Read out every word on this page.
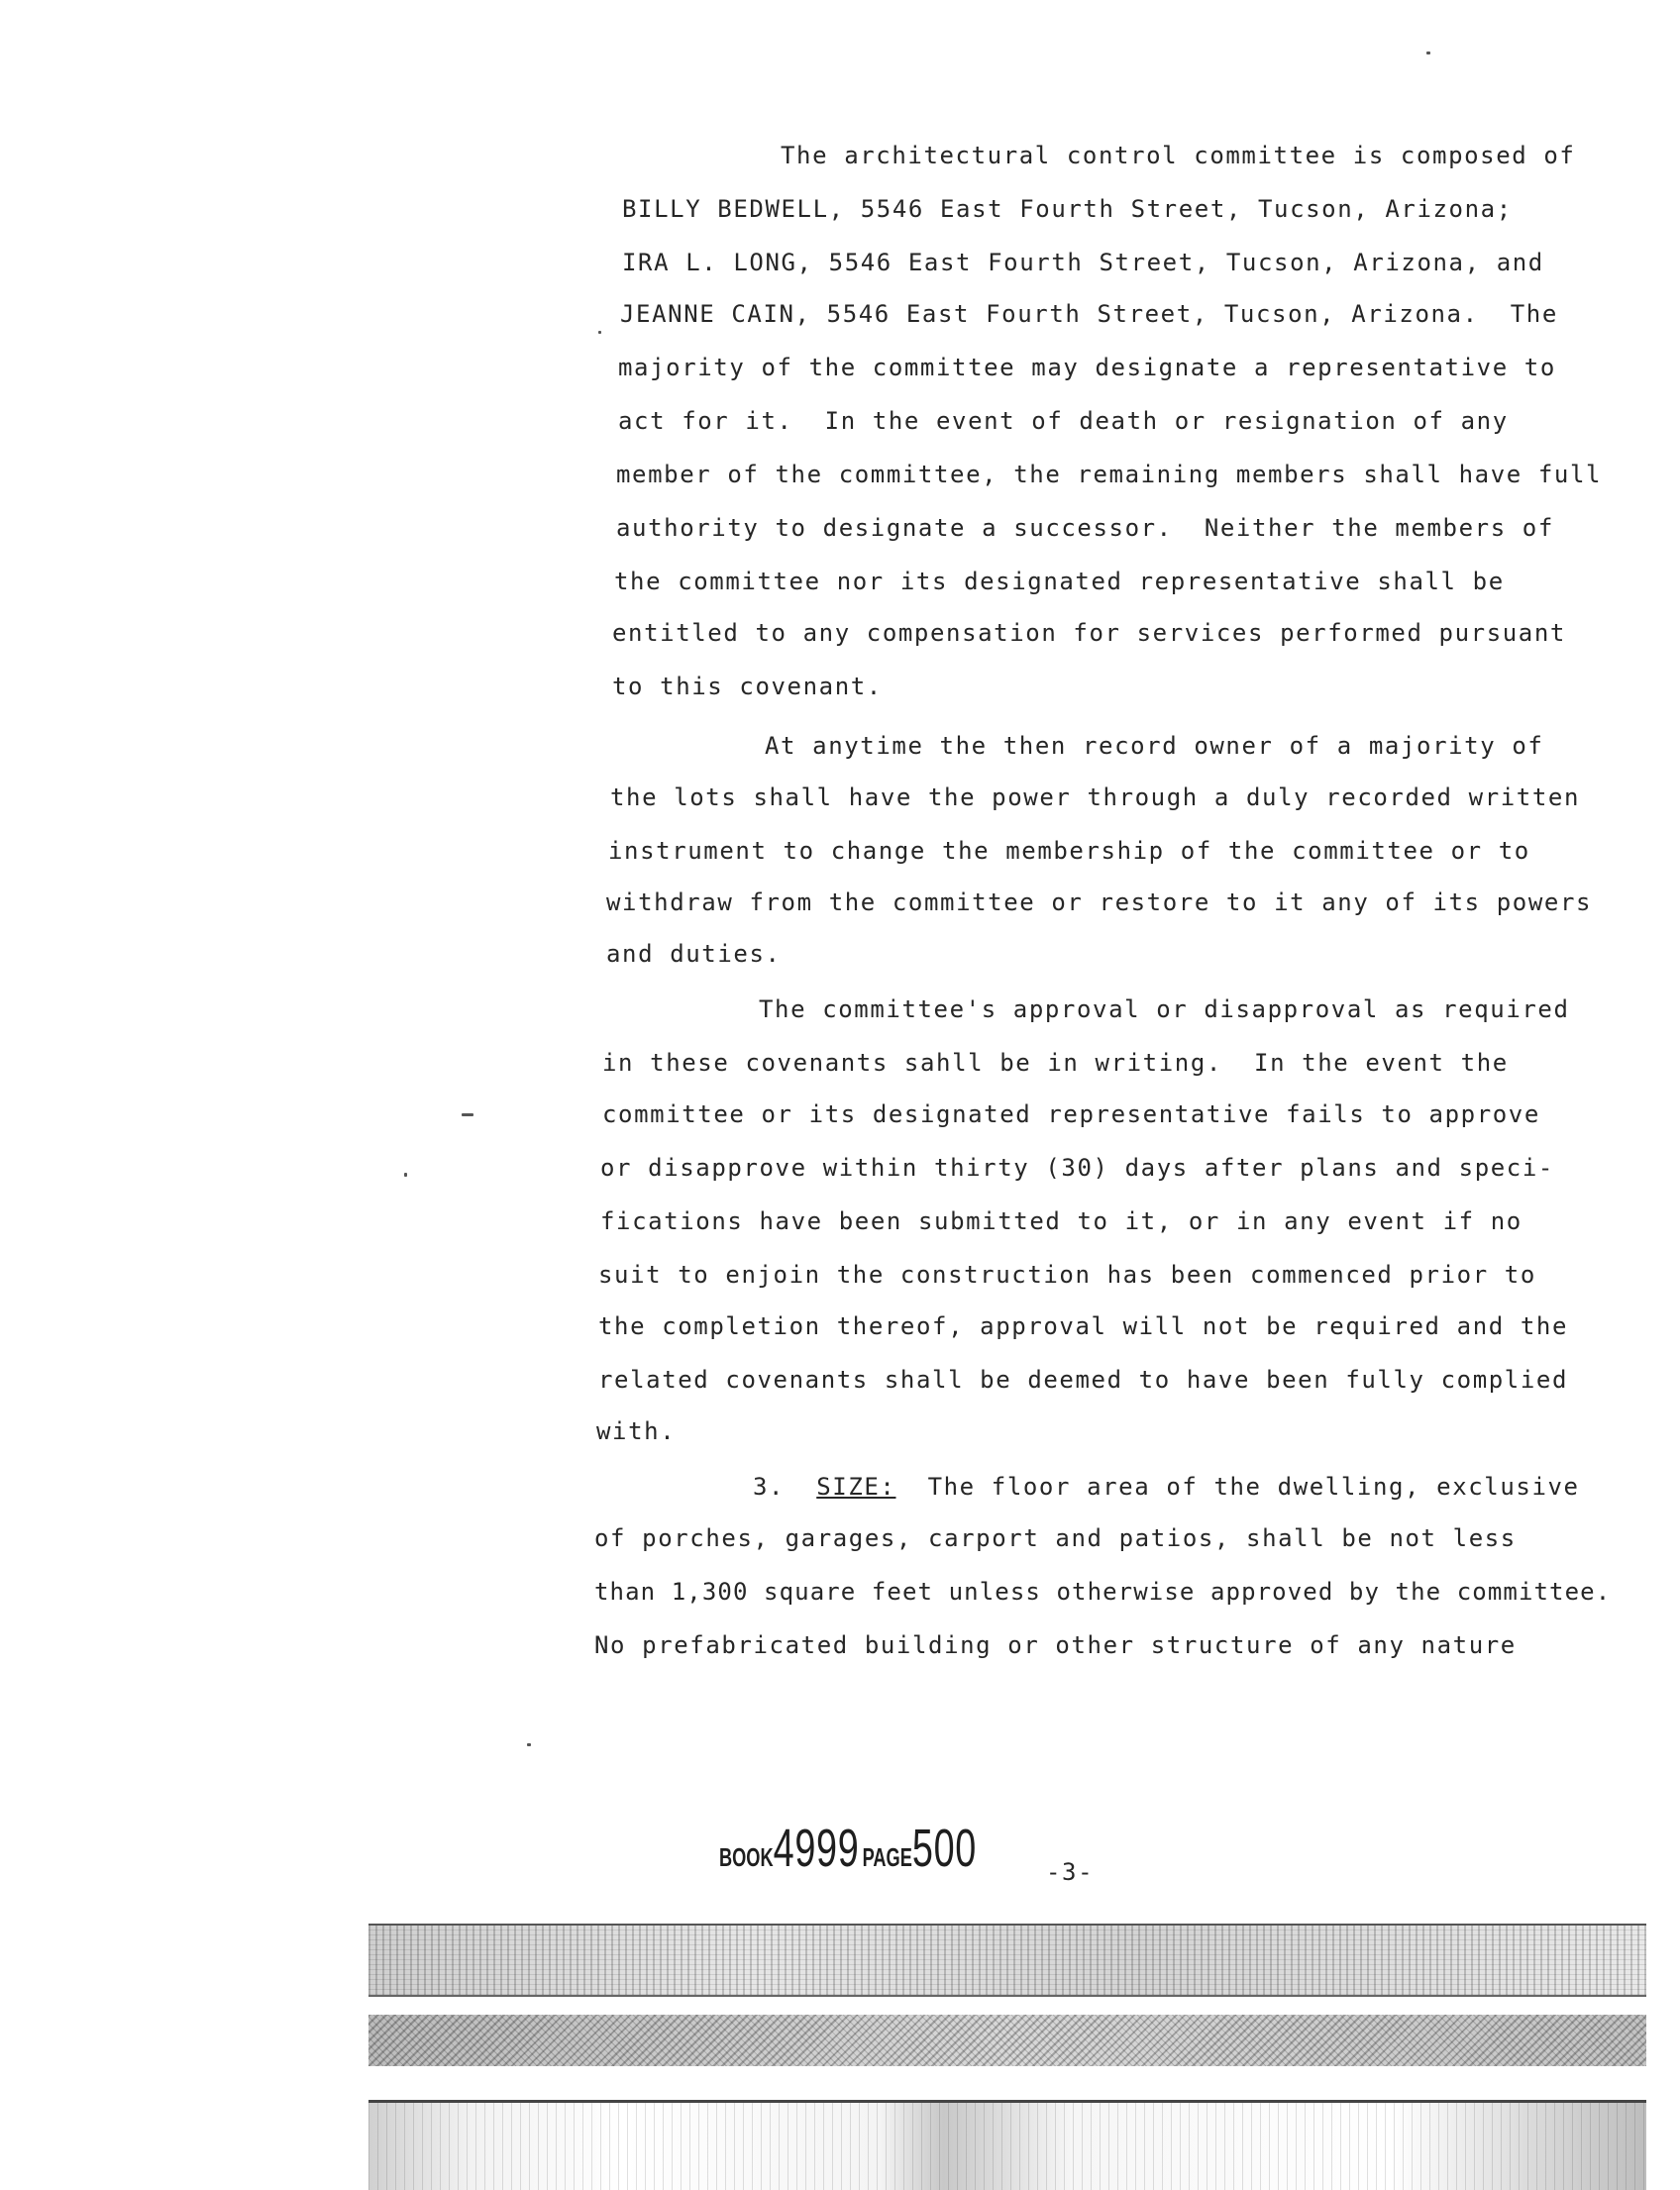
The architectural control committee is composed of
BILLY BEDWELL, 5546 East Fourth Street, Tucson, Arizona;
IRA L. LONG, 5546 East Fourth Street, Tucson, Arizona, and
JEANNE CAIN, 5546 East Fourth Street, Tucson, Arizona.  The
majority of the committee may designate a representative to
act for it.  In the event of death or resignation of any
member of the committee, the remaining members shall have full
authority to designate a successor.  Neither the members of
the committee nor its designated representative shall be
entitled to any compensation for services performed pursuant
to this covenant.
At anytime the then record owner of a majority of
the lots shall have the power through a duly recorded written
instrument to change the membership of the committee or to
withdraw from the committee or restore to it any of its powers
and duties.
The committee's approval or disapproval as required
in these covenants sahll be in writing.  In the event the
committee or its designated representative fails to approve
or disapprove within thirty (30) days after plans and speci-
fications have been submitted to it, or in any event if no
suit to enjoin the construction has been commenced prior to
the completion thereof, approval will not be required and the
related covenants shall be deemed to have been fully complied
with.
3. SIZE: The floor area of the dwelling, exclusive
of porches, garages, carport and patios, shall be not less
than 1,300 square feet unless otherwise approved by the committee.
No prefabricated building or other structure of any nature
BOOK4999 PAGE500	-3-
